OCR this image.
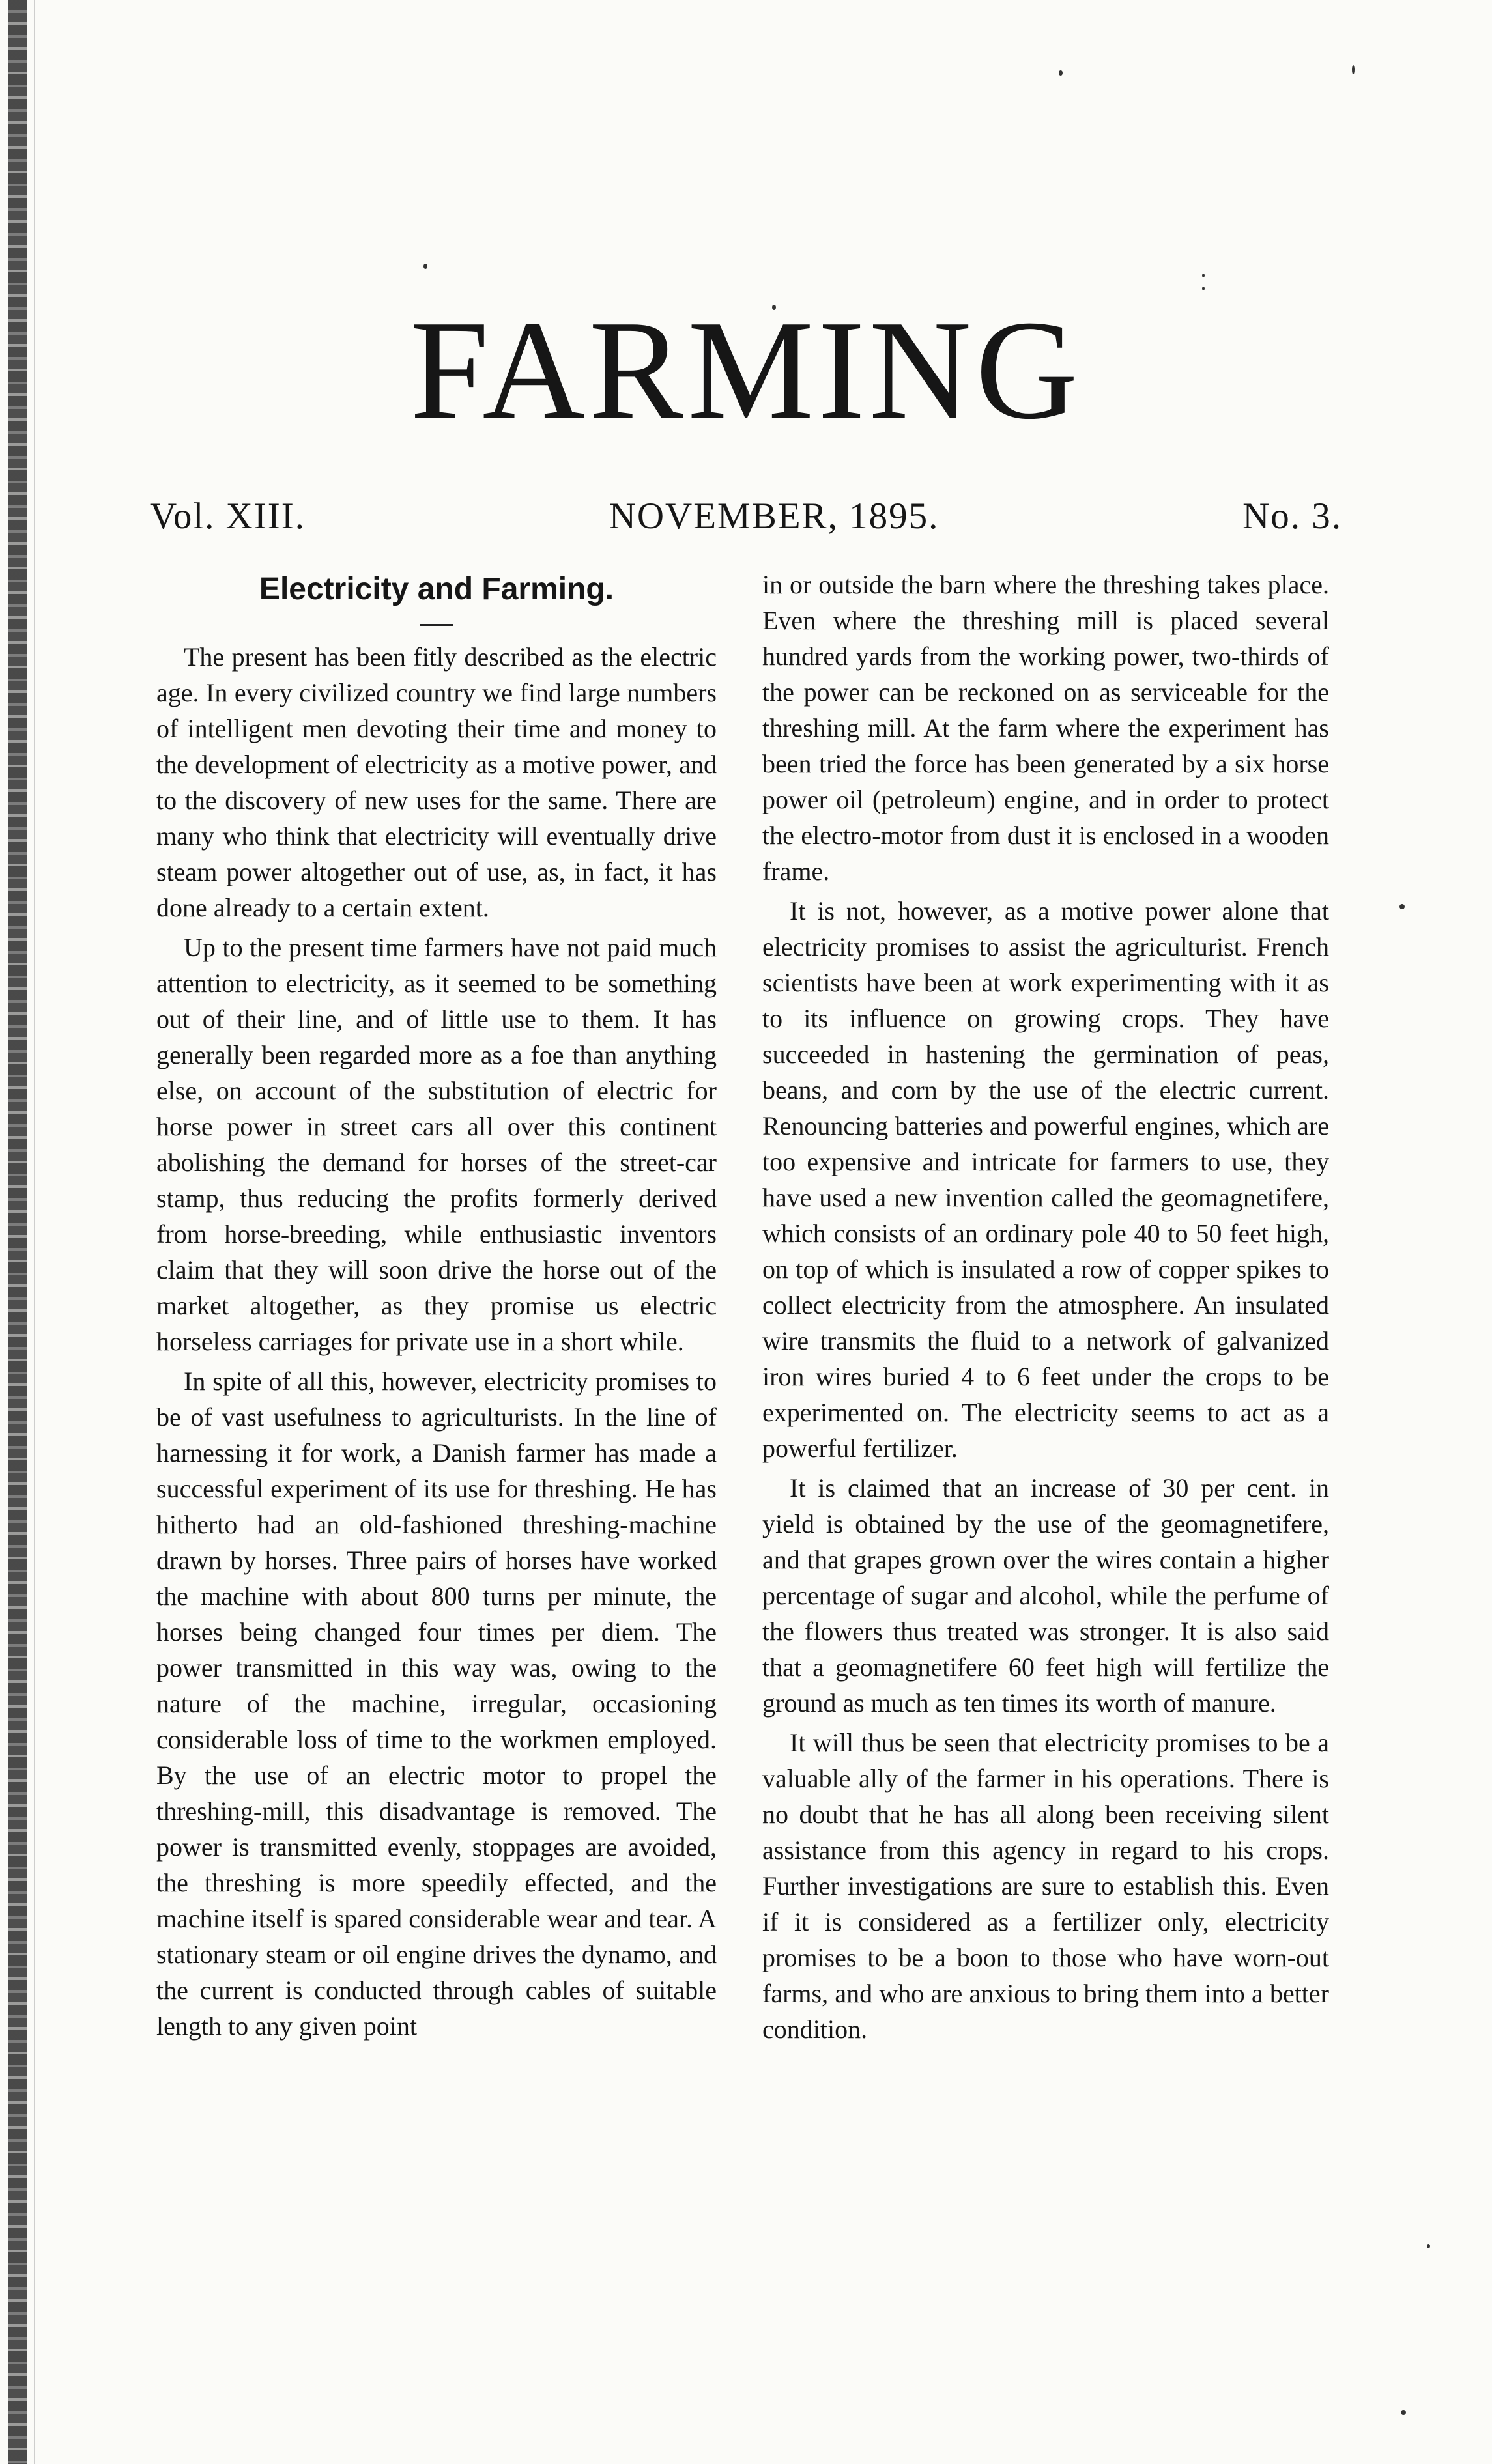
FARMING
Vol. XIII.	NOVEMBER, 1895.	No. 3.
Electricity and Farming.

The present has been fitly described as the electric age. In every civilized country we find large numbers of intelligent men devoting their time and money to the development of electricity as a motive power, and to the discovery of new uses for the same. There are many who think that electricity will eventually drive steam power altogether out of use, as, in fact, it has done already to a certain extent.

Up to the present time farmers have not paid much attention to electricity, as it seemed to be something out of their line, and of little use to them. It has generally been regarded more as a foe than anything else, on account of the substitution of electric for horse power in street cars all over this continent abolishing the demand for horses of the street-car stamp, thus reducing the profits formerly derived from horse-breeding, while enthusiastic inventors claim that they will soon drive the horse out of the market altogether, as they promise us electric horseless carriages for private use in a short while.

In spite of all this, however, electricity promises to be of vast usefulness to agriculturists. In the line of harnessing it for work, a Danish farmer has made a successful experiment of its use for threshing. He has hitherto had an old-fashioned threshing-machine drawn by horses. Three pairs of horses have worked the machine with about 800 turns per minute, the horses being changed four times per diem. The power transmitted in this way was, owing to the nature of the machine, irregular, occasioning considerable loss of time to the workmen employed. By the use of an electric motor to propel the threshing-mill, this disadvantage is removed. The power is transmitted evenly, stoppages are avoided, the threshing is more speedily effected, and the machine itself is spared considerable wear and tear. A stationary steam or oil engine drives the dynamo, and the current is conducted through cables of suitable length to any given point

in or outside the barn where the threshing takes place. Even where the threshing mill is placed several hundred yards from the working power, two-thirds of the power can be reckoned on as serviceable for the threshing mill. At the farm where the experiment has been tried the force has been generated by a six horse power oil (petroleum) engine, and in order to protect the electro-motor from dust it is enclosed in a wooden frame.

It is not, however, as a motive power alone that electricity promises to assist the agriculturist. French scientists have been at work experimenting with it as to its influence on growing crops. They have succeeded in hastening the germination of peas, beans, and corn by the use of the electric current. Renouncing batteries and powerful engines, which are too expensive and intricate for farmers to use, they have used a new invention called the geomagnetifere, which consists of an ordinary pole 40 to 50 feet high, on top of which is insulated a row of copper spikes to collect electricity from the atmosphere. An insulated wire transmits the fluid to a network of galvanized iron wires buried 4 to 6 feet under the crops to be experimented on. The electricity seems to act as a powerful fertilizer.

It is claimed that an increase of 30 per cent. in yield is obtained by the use of the geomagnetifere, and that grapes grown over the wires contain a higher percentage of sugar and alcohol, while the perfume of the flowers thus treated was stronger. It is also said that a geomagnetifere 60 feet high will fertilize the ground as much as ten times its worth of manure.

It will thus be seen that electricity promises to be a valuable ally of the farmer in his operations. There is no doubt that he has all along been receiving silent assistance from this agency in regard to his crops. Further investigations are sure to establish this. Even if it is considered as a fertilizer only, electricity promises to be a boon to those who have worn-out farms, and who are anxious to bring them into a better condition.
